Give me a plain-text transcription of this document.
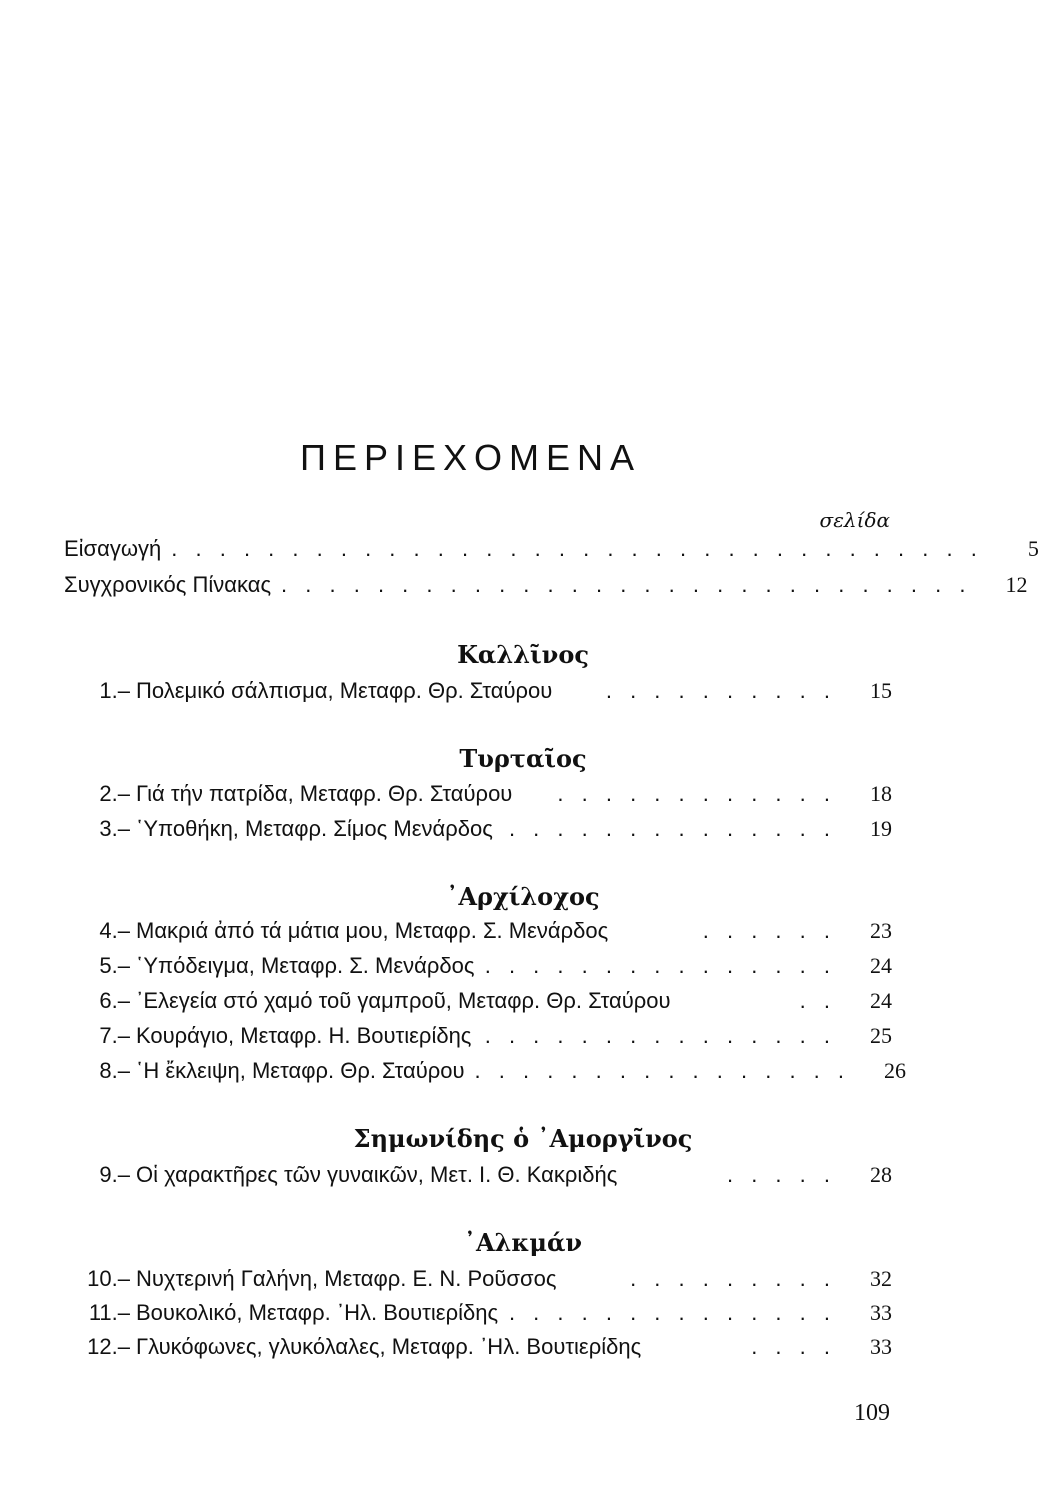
ΠΕΡΙΕΧΟΜΕΝΑ
σελίδα
Εἰσαγωγή . . . . . . . . . . . . . . . . . . . . . . . . . . . . . . . . . .	5
Συγχρονικός Πίνακας . . . . . . . . . . . . . . . . . . . . . . . . . . . . .	12
Καλλῖνος
1.– Πολεμικό σάλπισμα, Μεταφρ. Θρ. Σταύρου	. . . . . . . . . .	15
Τυρταῖος
2.– Γιά τήν πατρίδα, Μεταφρ. Θρ. Σταύρου	. . . . . . . . . . . .	18
3.– ῾Υποθήκη, Μεταφρ. Σίμος Μενάρδος . . . . . . . . . . . . . .	19
᾿Αρχίλοχος
4.– Μακριά ἀπό τά μάτια μου, Μεταφρ. Σ. Μενάρδος	. . . . . .	23
5.– ῾Υπόδειγμα, Μεταφρ. Σ. Μενάρδος . . . . . . . . . . . . . . .	24
6.– ᾿Ελεγεία στό χαμό τοῦ γαμπροῦ, Μεταφρ. Θρ. Σταύρου	. .	24
7.– Κουράγιο, Μεταφρ. Η. Βουτιερίδης . . . . . . . . . . . . . . .	25
8.– ῾Η ἔκλειψη, Μεταφρ. Θρ. Σταύρου . . . . . . . . . . . . . . . .	26
Σημωνίδης ὁ ᾿Αμοργῖνος
9.– Οἱ χαρακτῆρες τῶν γυναικῶν, Μετ. Ι. Θ. Κακριδής	. . . . .	28
᾿Αλκμάν
10.– Νυχτερινή Γαλήνη, Μεταφρ. Ε. Ν. Ροῦσσος	. . . . . . . . .	32
11.– Βουκολικό, Μεταφρ. ᾿Ηλ. Βουτιερίδης . . . . . . . . . . . . . .	33
12.– Γλυκόφωνες, γλυκόλαλες, Μεταφρ. ᾿Ηλ. Βουτιερίδης	. . . .	33
109
